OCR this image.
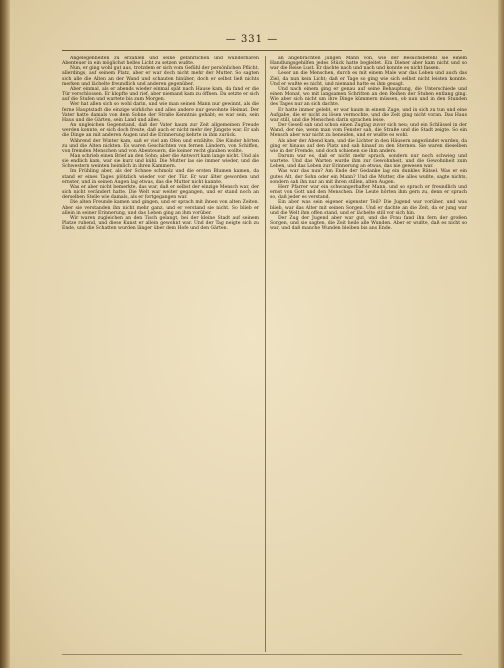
— 331 —

Angelegenheiten zu erzählen und seine gefährlichen und wunderbaren Abenteuer in ein möglichst helles Licht zu setzen wußte.

Nun, er ging wohl gut aus, trotzdem er sich vom Gefühl der persönlichen Pflicht, allerdings, auf seinem Platz, aber er war doch nicht mehr der Mutter. So sagten sich alle die Alten an der Wand und schauten hinüber, doch er selbst ließ nichts merken und lächelte freundlich und anderen gegenüber.

Aber einmal, als er abends wieder einmal spät nach Hause kam, da fand er die Tür verschlossen. Er klopfte und rief, aber niemand kam zu öffnen. Da setzte er sich auf die Stufen und wartete bis zum Morgen.

Wer hat allen sich so wohl darin, und wie man seinen Mann nur gewinnt, als die ferne Hauptstadt die einzige wirkliche und alles andere nur gewohnte Heimat. Der Vater hatte damals von dem Sohne der Straße Kenntnis gehabt; es war sein, sein Haus und die Gärten, sein Land und alles.

An ungleichen Gegenstand, daß der Vater kaum zur Zeit allgemeinen Freude werden konnte, er sich doch freute, daß auch er nicht mehr der Jüngste war. Er sah die Dinge an mit anderen Augen und die Erinnerung kehrte in ihm zurück.

Während der Winter kam, saß er viel am Ofen und erzählte. Die Kinder hörten zu und die Alten nickten. Es waren Geschichten von fernen Ländern, von Schiffen, von fremden Menschen und von Abenteuern, die keiner recht glauben wollte.

Man schrieb einen Brief an den Sohn; aber die Antwort kam lange nicht. Und als sie endlich kam, war sie kurz und kühl. Die Mutter las sie immer wieder, und die Schwestern weinten heimlich in ihren Kammern.

Im Frühling aber, als der Schnee schmolz und die ersten Blumen kamen, da stand er eines Tages plötzlich wieder vor der Tür. Er war älter geworden und ernster, und in seinen Augen lag etwas, das die Mutter nicht kannte.

Was er aber nicht bemerkte, das war, daß er selbst der einzige Mensch war, der sich nicht verändert hatte. Die Welt war weiter gegangen, und er stand noch an derselben Stelle wie damals, als er fortgegangen war.

Die alten Freunde kamen und gingen, und er sprach mit ihnen von alten Zeiten. Aber sie verstanden ihn nicht mehr ganz, und er verstand sie nicht. So blieb er allein in seiner Erinnerung, und das Leben ging an ihm vorüber.

Wir waren zugleichen an den Tisch gelangt, bei der kleine Stadt auf seinem Platze ruhend, und diese Kunst er allein gewohnt war. Und der Tag neigte sich zu Ende, und die Schatten wurden länger über dem Hofe und den Gärten.

an angebrachten jungen Mann von, wie der Besuchsbefehl sie einem Handlungsgehilfen jedes Stück hatte begleitet. Ein Diener aber kam nicht und so war die Reise Lust. Er dachte nach und nach und konnte es nicht fassen.

Leser an die Menschen, durch es mit einem Male war das Leben und auch das Ziel, da nun kein Licht; daß er Tage so ging wie sich selbst nicht leisten konnte. Und er wußte es nicht, und niemand hatte es ihm gesagt.

Und nach einem ging er genau auf seine Behauptung, die Unterschiede und einen Monat, wo mit langsamen Schritten an den Reihen der Stuben entlang ging. Wie aber sich nicht um ihre Dinge kümmern müssen, ob nun und in den Stunden des Tages nur an sich dachte.

Er hatte immer gelebt, er war kaum in einem Zuge, und in sich zu tun und eine Aufgabe, die er nicht zu lösen vermochte, und die Zeit ging nicht voran. Das Haus war still, und die Menschen darin sprachen leise.

Der Gesell sah und schon einen Zugtag zuvor sich neu; und ein Schlüssel in der Wand, der nie, wenn man vom Fenster sah, die Straße und die Stadt zeigte. So ein Mensch aber war nicht zu beneiden, und er wußte es wohl.

Als aber der Abend kam, und die Lichter in den Häusern angezündet wurden, da ging er hinaus auf den Platz und sah hinauf zu den Sternen. Sie waren dieselben wie in der Fremde, und doch schienen sie ihm anders.

Darum war es, daß er nicht mehr sprach, sondern nur noch schwieg und wartete. Und das Warten wurde ihm zur Gewohnheit, und die Gewohnheit zum Leben, und das Leben zur Erinnerung an etwas, das nie gewesen war.

Was war das nun? Am Ende der Gedanke lag ein dunkles Rätsel. Was er ein gutes Alt, der Sohn oder ein Mann? Und die Mutter, die alles wußte, sagte nichts, sondern sah ihn nur an mit ihren stillen, alten Augen.

Herr Pfarrer war ein schwangerhafter Mann, und so sprach er freundlich und ernst von Gott und den Menschen. Die Leute hörten ihm gern zu, denn er sprach so, daß jeder es verstand.

Ein aber was sein eigener eigenster Teil? Die Jugend war vorüber, und was blieb, war das Alter mit seinen Sorgen. Und er dachte an die Zeit, da er jung war und die Welt ihm offen stand, und er lächelte still vor sich hin.

Der Zug der Jugend aber war gut, und die Frau fand ihn fern der großen Sorgen, und sie sagten, die Zeit heile alle Wunden. Aber er wußte, daß es nicht so war, und daß manche Wunden bleiben bis ans Ende.
